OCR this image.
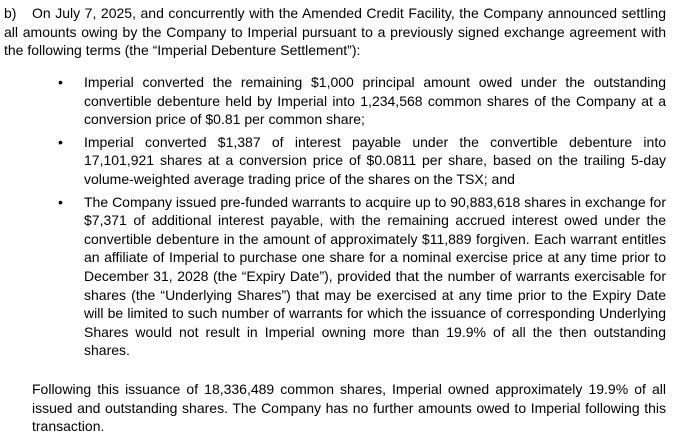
b) On July 7, 2025, and concurrently with the Amended Credit Facility, the Company announced settling all amounts owing by the Company to Imperial pursuant to a previously signed exchange agreement with the following terms (the “Imperial Debenture Settlement”):
• Imperial converted the remaining $1,000 principal amount owed under the outstanding convertible debenture held by Imperial into 1,234,568 common shares of the Company at a conversion price of $0.81 per common share;
• Imperial converted $1,387 of interest payable under the convertible debenture into 17,101,921 shares at a conversion price of $0.0811 per share, based on the trailing 5-day volume-weighted average trading price of the shares on the TSX; and
• The Company issued pre-funded warrants to acquire up to 90,883,618 shares in exchange for $7,371 of additional interest payable, with the remaining accrued interest owed under the convertible debenture in the amount of approximately $11,889 forgiven. Each warrant entitles an affiliate of Imperial to purchase one share for a nominal exercise price at any time prior to December 31, 2028 (the “Expiry Date”), provided that the number of warrants exercisable for shares (the “Underlying Shares”) that may be exercised at any time prior to the Expiry Date will be limited to such number of warrants for which the issuance of corresponding Underlying Shares would not result in Imperial owning more than 19.9% of all the then outstanding shares.
Following this issuance of 18,336,489 common shares, Imperial owned approximately 19.9% of all issued and outstanding shares. The Company has no further amounts owed to Imperial following this transaction.
